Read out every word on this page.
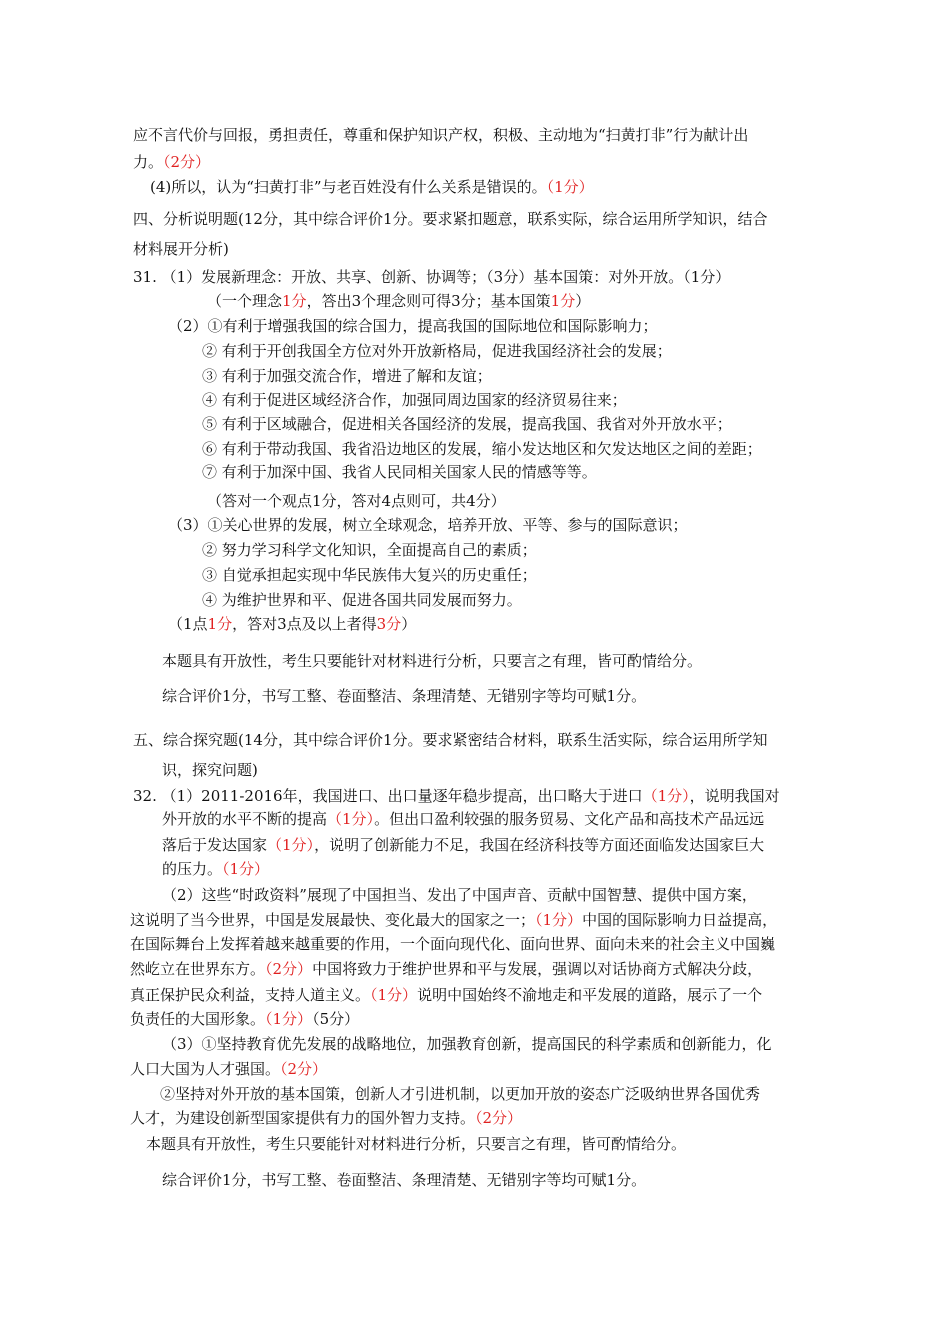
应不言代价与回报，勇担责任，尊重和保护知识产权，积极、主动地为“扫黄打非”行为献计出
力。（2分）
(4)所以，认为“扫黄打非”与老百姓没有什么关系是错误的。（1分）
四、分析说明题(12分，其中综合评价1分。要求紧扣题意，联系实际，综合运用所学知识，结合
材料展开分析)
31. （1）发展新理念：开放、共享、创新、协调等；（3分）基本国策：对外开放。（1分）
（一个理念1分，答出3个理念则可得3分；基本国策1分）
（2）①有利于增强我国的综合国力，提高我国的国际地位和国际影响力；
② 有利于开创我国全方位对外开放新格局，促进我国经济社会的发展；
③ 有利于加强交流合作，增进了解和友谊；
④ 有利于促进区域经济合作，加强同周边国家的经济贸易往来；
⑤ 有利于区域融合，促进相关各国经济的发展，提高我国、我省对外开放水平；
⑥ 有利于带动我国、我省沿边地区的发展，缩小发达地区和欠发达地区之间的差距；
⑦ 有利于加深中国、我省人民同相关国家人民的情感等等。
（答对一个观点1分，答对4点则可，共4分）
（3）①关心世界的发展，树立全球观念，培养开放、平等、参与的国际意识；
② 努力学习科学文化知识，全面提高自己的素质；
③ 自觉承担起实现中华民族伟大复兴的历史重任；
④ 为维护世界和平、促进各国共同发展而努力。
（1点1分，答对3点及以上者得3分）
本题具有开放性，考生只要能针对材料进行分析，只要言之有理，皆可酌情给分。
综合评价1分，书写工整、卷面整洁、条理清楚、无错别字等均可赋1分。
五、综合探究题(14分，其中综合评价1分。要求紧密结合材料，联系生活实际，综合运用所学知
识，探究问题)
32. （1）2011-2016年，我国进口、出口量逐年稳步提高，出口略大于进口（1分），说明我国对
外开放的水平不断的提高（1分）。但出口盈利较强的服务贸易、文化产品和高技术产品远远
落后于发达国家（1分），说明了创新能力不足，我国在经济科技等方面还面临发达国家巨大
的压力。（1分）
（2）这些“时政资料”展现了中国担当、发出了中国声音、贡献中国智慧、提供中国方案，
这说明了当今世界，中国是发展最快、变化最大的国家之一；（1分）中国的国际影响力日益提高，
在国际舞台上发挥着越来越重要的作用，一个面向现代化、面向世界、面向未来的社会主义中国巍
然屹立在世界东方。（2分）中国将致力于维护世界和平与发展，强调以对话协商方式解决分歧，
真正保护民众利益，支持人道主义。（1分）说明中国始终不渝地走和平发展的道路，展示了一个
负责任的大国形象。（1分）（5分）
（3）①坚持教育优先发展的战略地位，加强教育创新，提高国民的科学素质和创新能力，化
人口大国为人才强国。（2分）
②坚持对外开放的基本国策，创新人才引进机制，以更加开放的姿态广泛吸纳世界各国优秀
人才，为建设创新型国家提供有力的国外智力支持。（2分）
本题具有开放性，考生只要能针对材料进行分析，只要言之有理，皆可酌情给分。
综合评价1分，书写工整、卷面整洁、条理清楚、无错别字等均可赋1分。
